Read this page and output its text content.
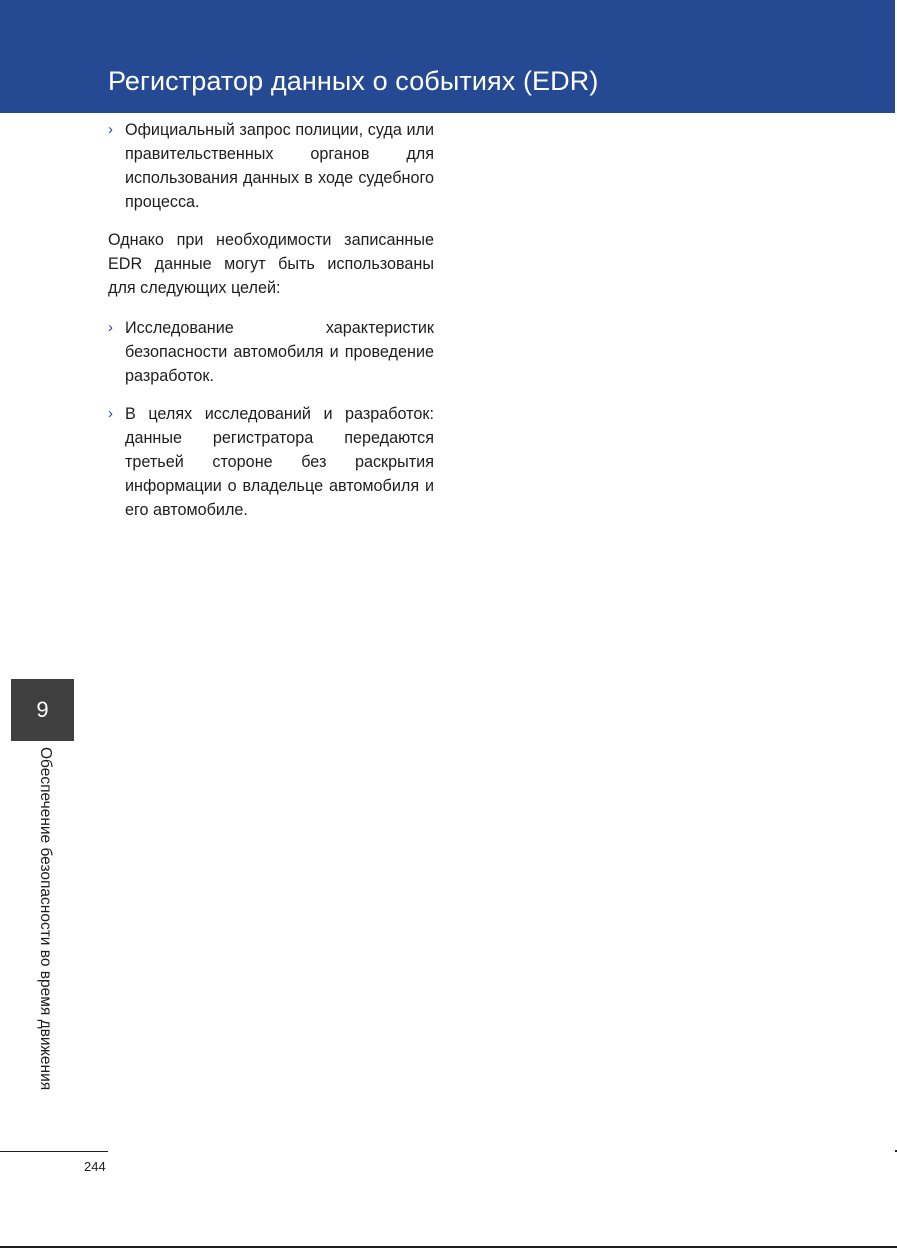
Регистратор данных о событиях (EDR)
› Официальный запрос полиции, суда или правительственных органов для использования данных в ходе судебного процесса.
Однако при необходимости записанные EDR данные могут быть использованы для следующих целей:
› Исследование характеристик безопасности автомобиля и проведение разработок.
› В целях исследований и разработок: данные регистратора передаются третьей стороне без раскрытия информации о владельце автомобиля и его автомобиле.
9
Обеспечение безопасности во время движения
244
